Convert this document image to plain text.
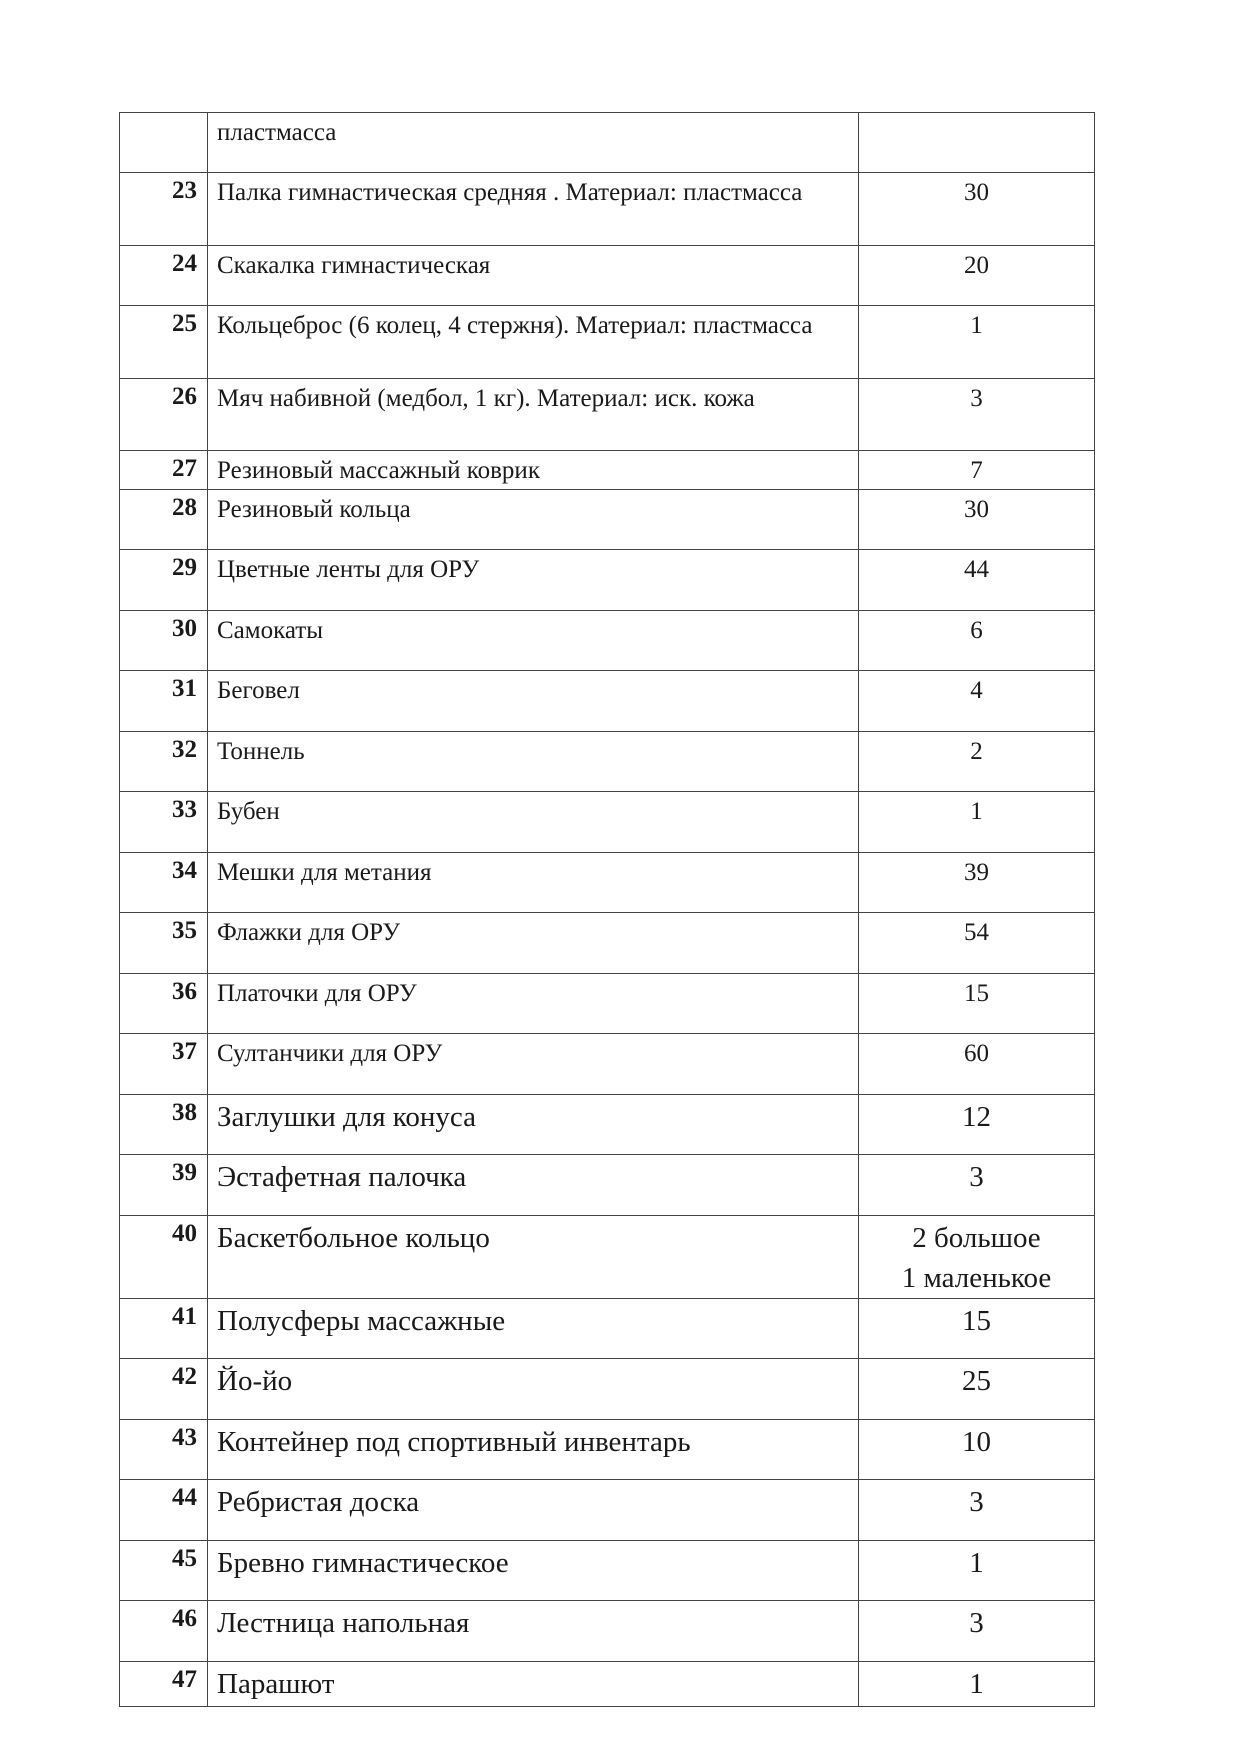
	пластмасса	

23	Палка гимнастическая средняя . Материал: пластмасса	30

24	Скакалка гимнастическая	20

25	Кольцеброс (6 колец, 4 стержня). Материал: пластмасса	1

26	Мяч набивной (медбол, 1 кг). Материал: иск. кожа	3

27	Резиновый массажный коврик	7

28	Резиновый кольца	30

29	Цветные ленты для ОРУ	44

30	Самокаты	6

31	Беговел	4

32	Тоннель	2

33	Бубен	1

34	Мешки для метания	39

35	Флажки для ОРУ	54

36	Платочки для ОРУ	15

37	Султанчики для ОРУ	60

38	Заглушки для конуса	12

39	Эстафетная палочка	3

40	Баскетбольное кольцо	2 большое
1 маленькое

41	Полусферы массажные	15

42	Йо-йо	25

43	Контейнер под спортивный инвентарь	10

44	Ребристая доска	3

45	Бревно гимнастическое	1

46	Лестница напольная	3

47	Парашют	1
